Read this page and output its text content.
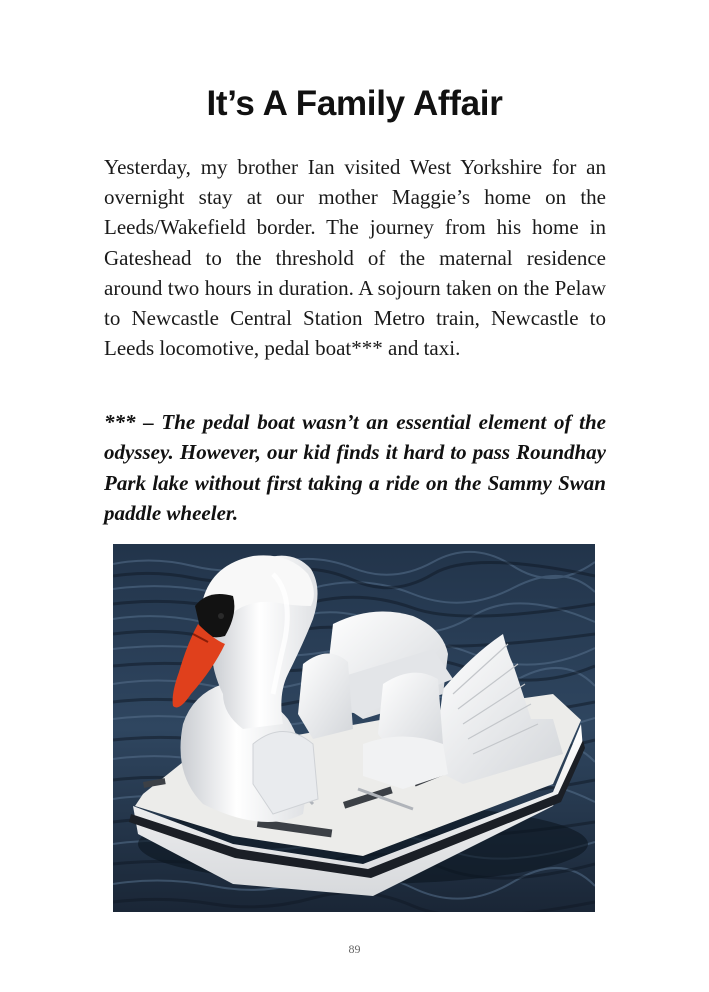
It’s A Family Affair

Yesterday, my brother Ian visited West Yorkshire for an overnight stay at our mother Maggie’s home on the Leeds/Wakefield border. The journey from his home in Gateshead to the threshold of the maternal residence around two hours in duration. A sojourn taken on the Pelaw to Newcastle Central Station Metro train, Newcastle to Leeds locomotive, pedal boat*** and taxi.

*** – The pedal boat wasn’t an essential element of the odyssey. However, our kid finds it hard to pass Roundhay Park lake without first taking a ride on the Sammy Swan paddle wheeler.

89
